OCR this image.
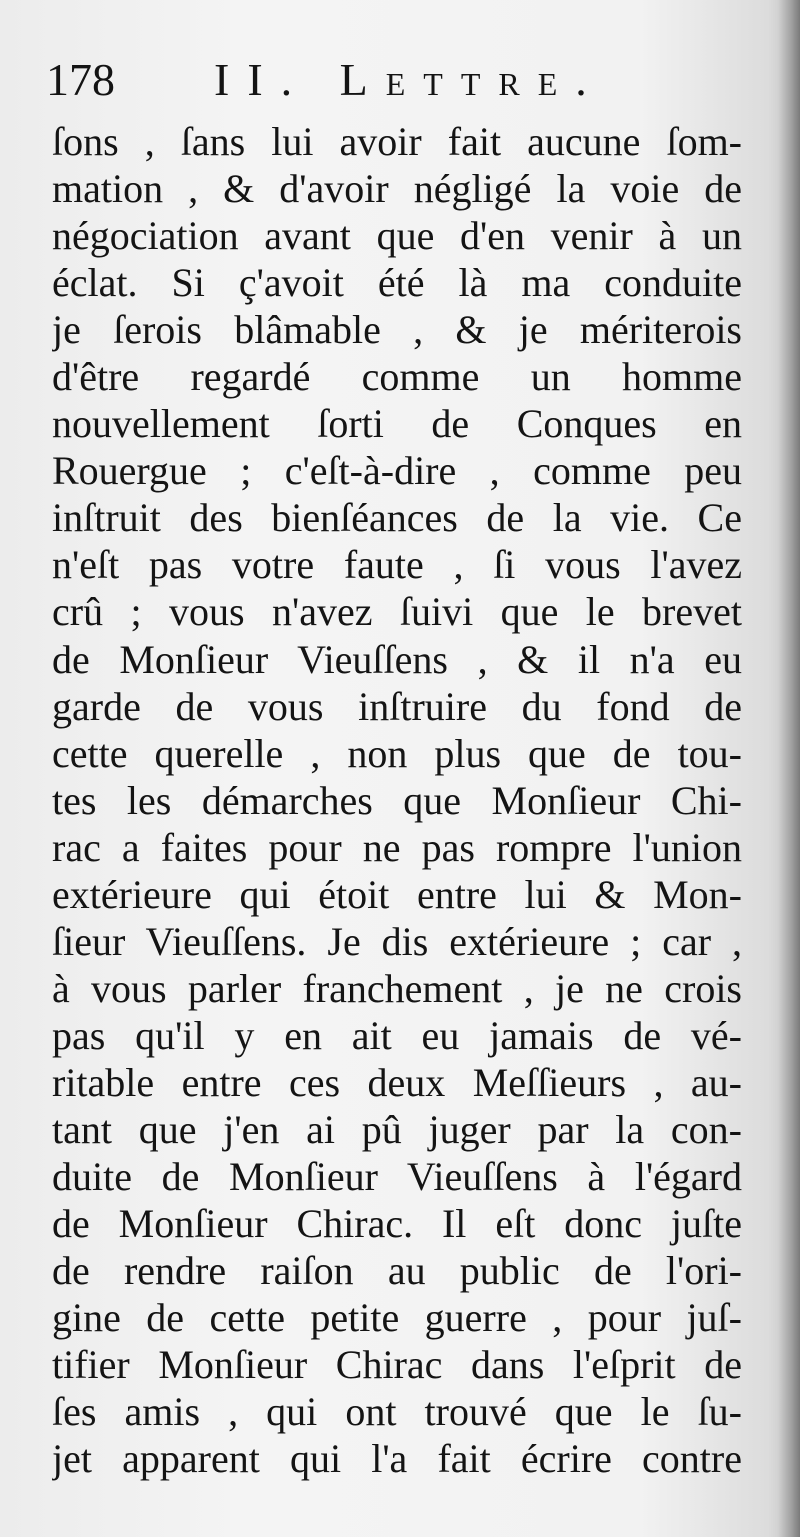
178 II. Lettre.
ſons , ſans lui avoir fait aucune ſom-
mation , & d'avoir négligé la voie de
négociation avant que d'en venir à un
éclat. Si ç'avoit été là ma conduite
je ſerois blâmable , & je mériterois
d'être regardé comme un homme
nouvellement ſorti de Conques en
Rouergue ; c'eſt-à-dire , comme peu
inſtruit des bienſéances de la vie. Ce
n'eſt pas votre faute , ſi vous l'avez
crû ; vous n'avez ſuivi que le brevet
de Monſieur Vieuſſens , & il n'a eu
garde de vous inſtruire du fond de
cette querelle , non plus que de tou-
tes les démarches que Monſieur Chi-
rac a faites pour ne pas rompre l'union
extérieure qui étoit entre lui & Mon-
ſieur Vieuſſens. Je dis extérieure ; car ,
à vous parler franchement , je ne crois
pas qu'il y en ait eu jamais de vé-
ritable entre ces deux Meſſieurs , au-
tant que j'en ai pû juger par la con-
duite de Monſieur Vieuſſens à l'égard
de Monſieur Chirac. Il eſt donc juſte
de rendre raiſon au public de l'ori-
gine de cette petite guerre , pour juſ-
tifier Monſieur Chirac dans l'eſprit de
ſes amis , qui ont trouvé que le ſu-
jet apparent qui l'a fait écrire contre
